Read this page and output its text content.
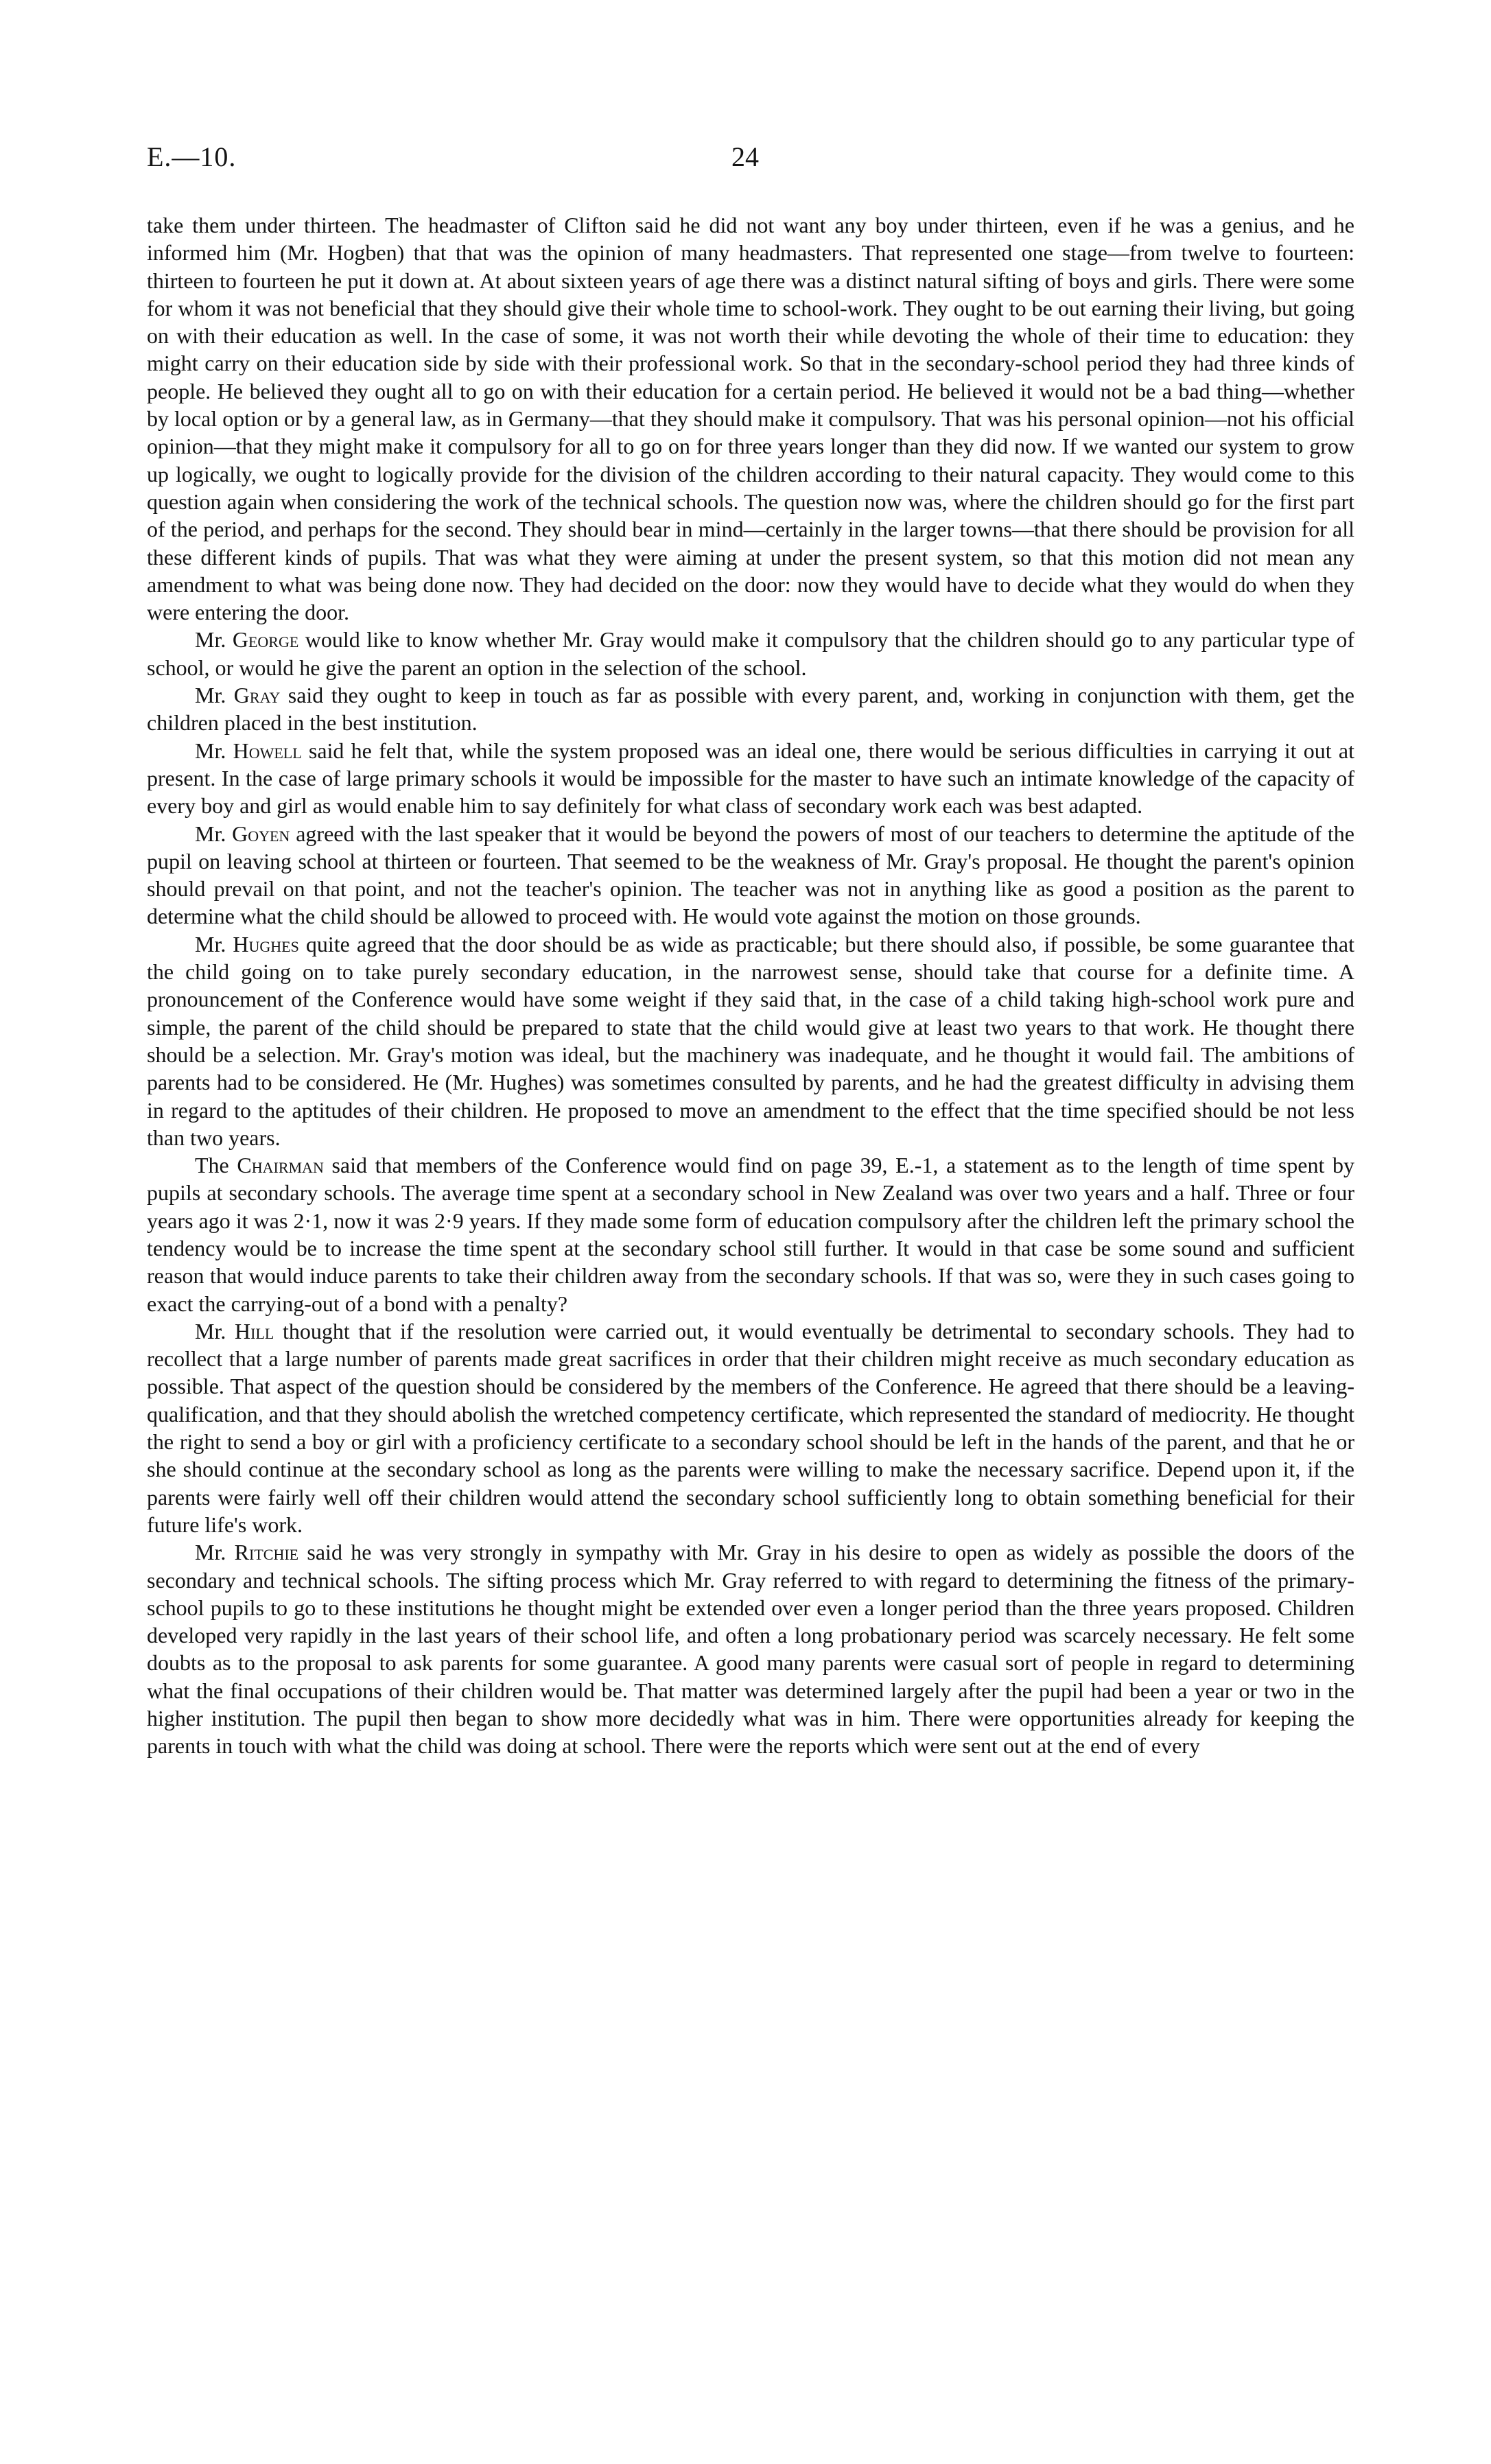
E.—10.	24

take them under thirteen. The headmaster of Clifton said he did not want any boy under thirteen, even if he was a genius, and he informed him (Mr. Hogben) that that was the opinion of many headmasters. That represented one stage—from twelve to fourteen: thirteen to fourteen he put it down at. At about sixteen years of age there was a distinct natural sifting of boys and girls. There were some for whom it was not beneficial that they should give their whole time to school-work. They ought to be out earning their living, but going on with their education as well. In the case of some, it was not worth their while devoting the whole of their time to education: they might carry on their education side by side with their professional work. So that in the secondary-school period they had three kinds of people. He believed they ought all to go on with their education for a certain period. He believed it would not be a bad thing—whether by local option or by a general law, as in Germany—that they should make it compulsory. That was his personal opinion—not his official opinion—that they might make it compulsory for all to go on for three years longer than they did now. If we wanted our system to grow up logically, we ought to logically provide for the division of the children according to their natural capacity. They would come to this question again when considering the work of the technical schools. The question now was, where the children should go for the first part of the period, and perhaps for the second. They should bear in mind—certainly in the larger towns—that there should be provision for all these different kinds of pupils. That was what they were aiming at under the present system, so that this motion did not mean any amendment to what was being done now. They had decided on the door: now they would have to decide what they would do when they were entering the door.

Mr. George would like to know whether Mr. Gray would make it compulsory that the children should go to any particular type of school, or would he give the parent an option in the selection of the school.

Mr. Gray said they ought to keep in touch as far as possible with every parent, and, working in conjunction with them, get the children placed in the best institution.

Mr. Howell said he felt that, while the system proposed was an ideal one, there would be serious difficulties in carrying it out at present. In the case of large primary schools it would be impossible for the master to have such an intimate knowledge of the capacity of every boy and girl as would enable him to say definitely for what class of secondary work each was best adapted.

Mr. Goyen agreed with the last speaker that it would be beyond the powers of most of our teachers to determine the aptitude of the pupil on leaving school at thirteen or fourteen. That seemed to be the weakness of Mr. Gray's proposal. He thought the parent's opinion should prevail on that point, and not the teacher's opinion. The teacher was not in anything like as good a position as the parent to determine what the child should be allowed to proceed with. He would vote against the motion on those grounds.

Mr. Hughes quite agreed that the door should be as wide as practicable; but there should also, if possible, be some guarantee that the child going on to take purely secondary education, in the narrowest sense, should take that course for a definite time. A pronouncement of the Conference would have some weight if they said that, in the case of a child taking high-school work pure and simple, the parent of the child should be prepared to state that the child would give at least two years to that work. He thought there should be a selection. Mr. Gray's motion was ideal, but the machinery was inadequate, and he thought it would fail. The ambitions of parents had to be considered. He (Mr. Hughes) was sometimes consulted by parents, and he had the greatest difficulty in advising them in regard to the aptitudes of their children. He proposed to move an amendment to the effect that the time specified should be not less than two years.

The Chairman said that members of the Conference would find on page 39, E.-1, a statement as to the length of time spent by pupils at secondary schools. The average time spent at a secondary school in New Zealand was over two years and a half. Three or four years ago it was 2·1, now it was 2·9 years. If they made some form of education compulsory after the children left the primary school the tendency would be to increase the time spent at the secondary school still further. It would in that case be some sound and sufficient reason that would induce parents to take their children away from the secondary schools. If that was so, were they in such cases going to exact the carrying-out of a bond with a penalty?

Mr. Hill thought that if the resolution were carried out, it would eventually be detrimental to secondary schools. They had to recollect that a large number of parents made great sacrifices in order that their children might receive as much secondary education as possible. That aspect of the question should be considered by the members of the Conference. He agreed that there should be a leaving-qualification, and that they should abolish the wretched competency certificate, which represented the standard of mediocrity. He thought the right to send a boy or girl with a proficiency certificate to a secondary school should be left in the hands of the parent, and that he or she should continue at the secondary school as long as the parents were willing to make the necessary sacrifice. Depend upon it, if the parents were fairly well off their children would attend the secondary school sufficiently long to obtain something beneficial for their future life's work.

Mr. Ritchie said he was very strongly in sympathy with Mr. Gray in his desire to open as widely as possible the doors of the secondary and technical schools. The sifting process which Mr. Gray referred to with regard to determining the fitness of the primary-school pupils to go to these institutions he thought might be extended over even a longer period than the three years proposed. Children developed very rapidly in the last years of their school life, and often a long probationary period was scarcely necessary. He felt some doubts as to the proposal to ask parents for some guarantee. A good many parents were casual sort of people in regard to determining what the final occupations of their children would be. That matter was determined largely after the pupil had been a year or two in the higher institution. The pupil then began to show more decidedly what was in him. There were opportunities already for keeping the parents in touch with what the child was doing at school. There were the reports which were sent out at the end of every
